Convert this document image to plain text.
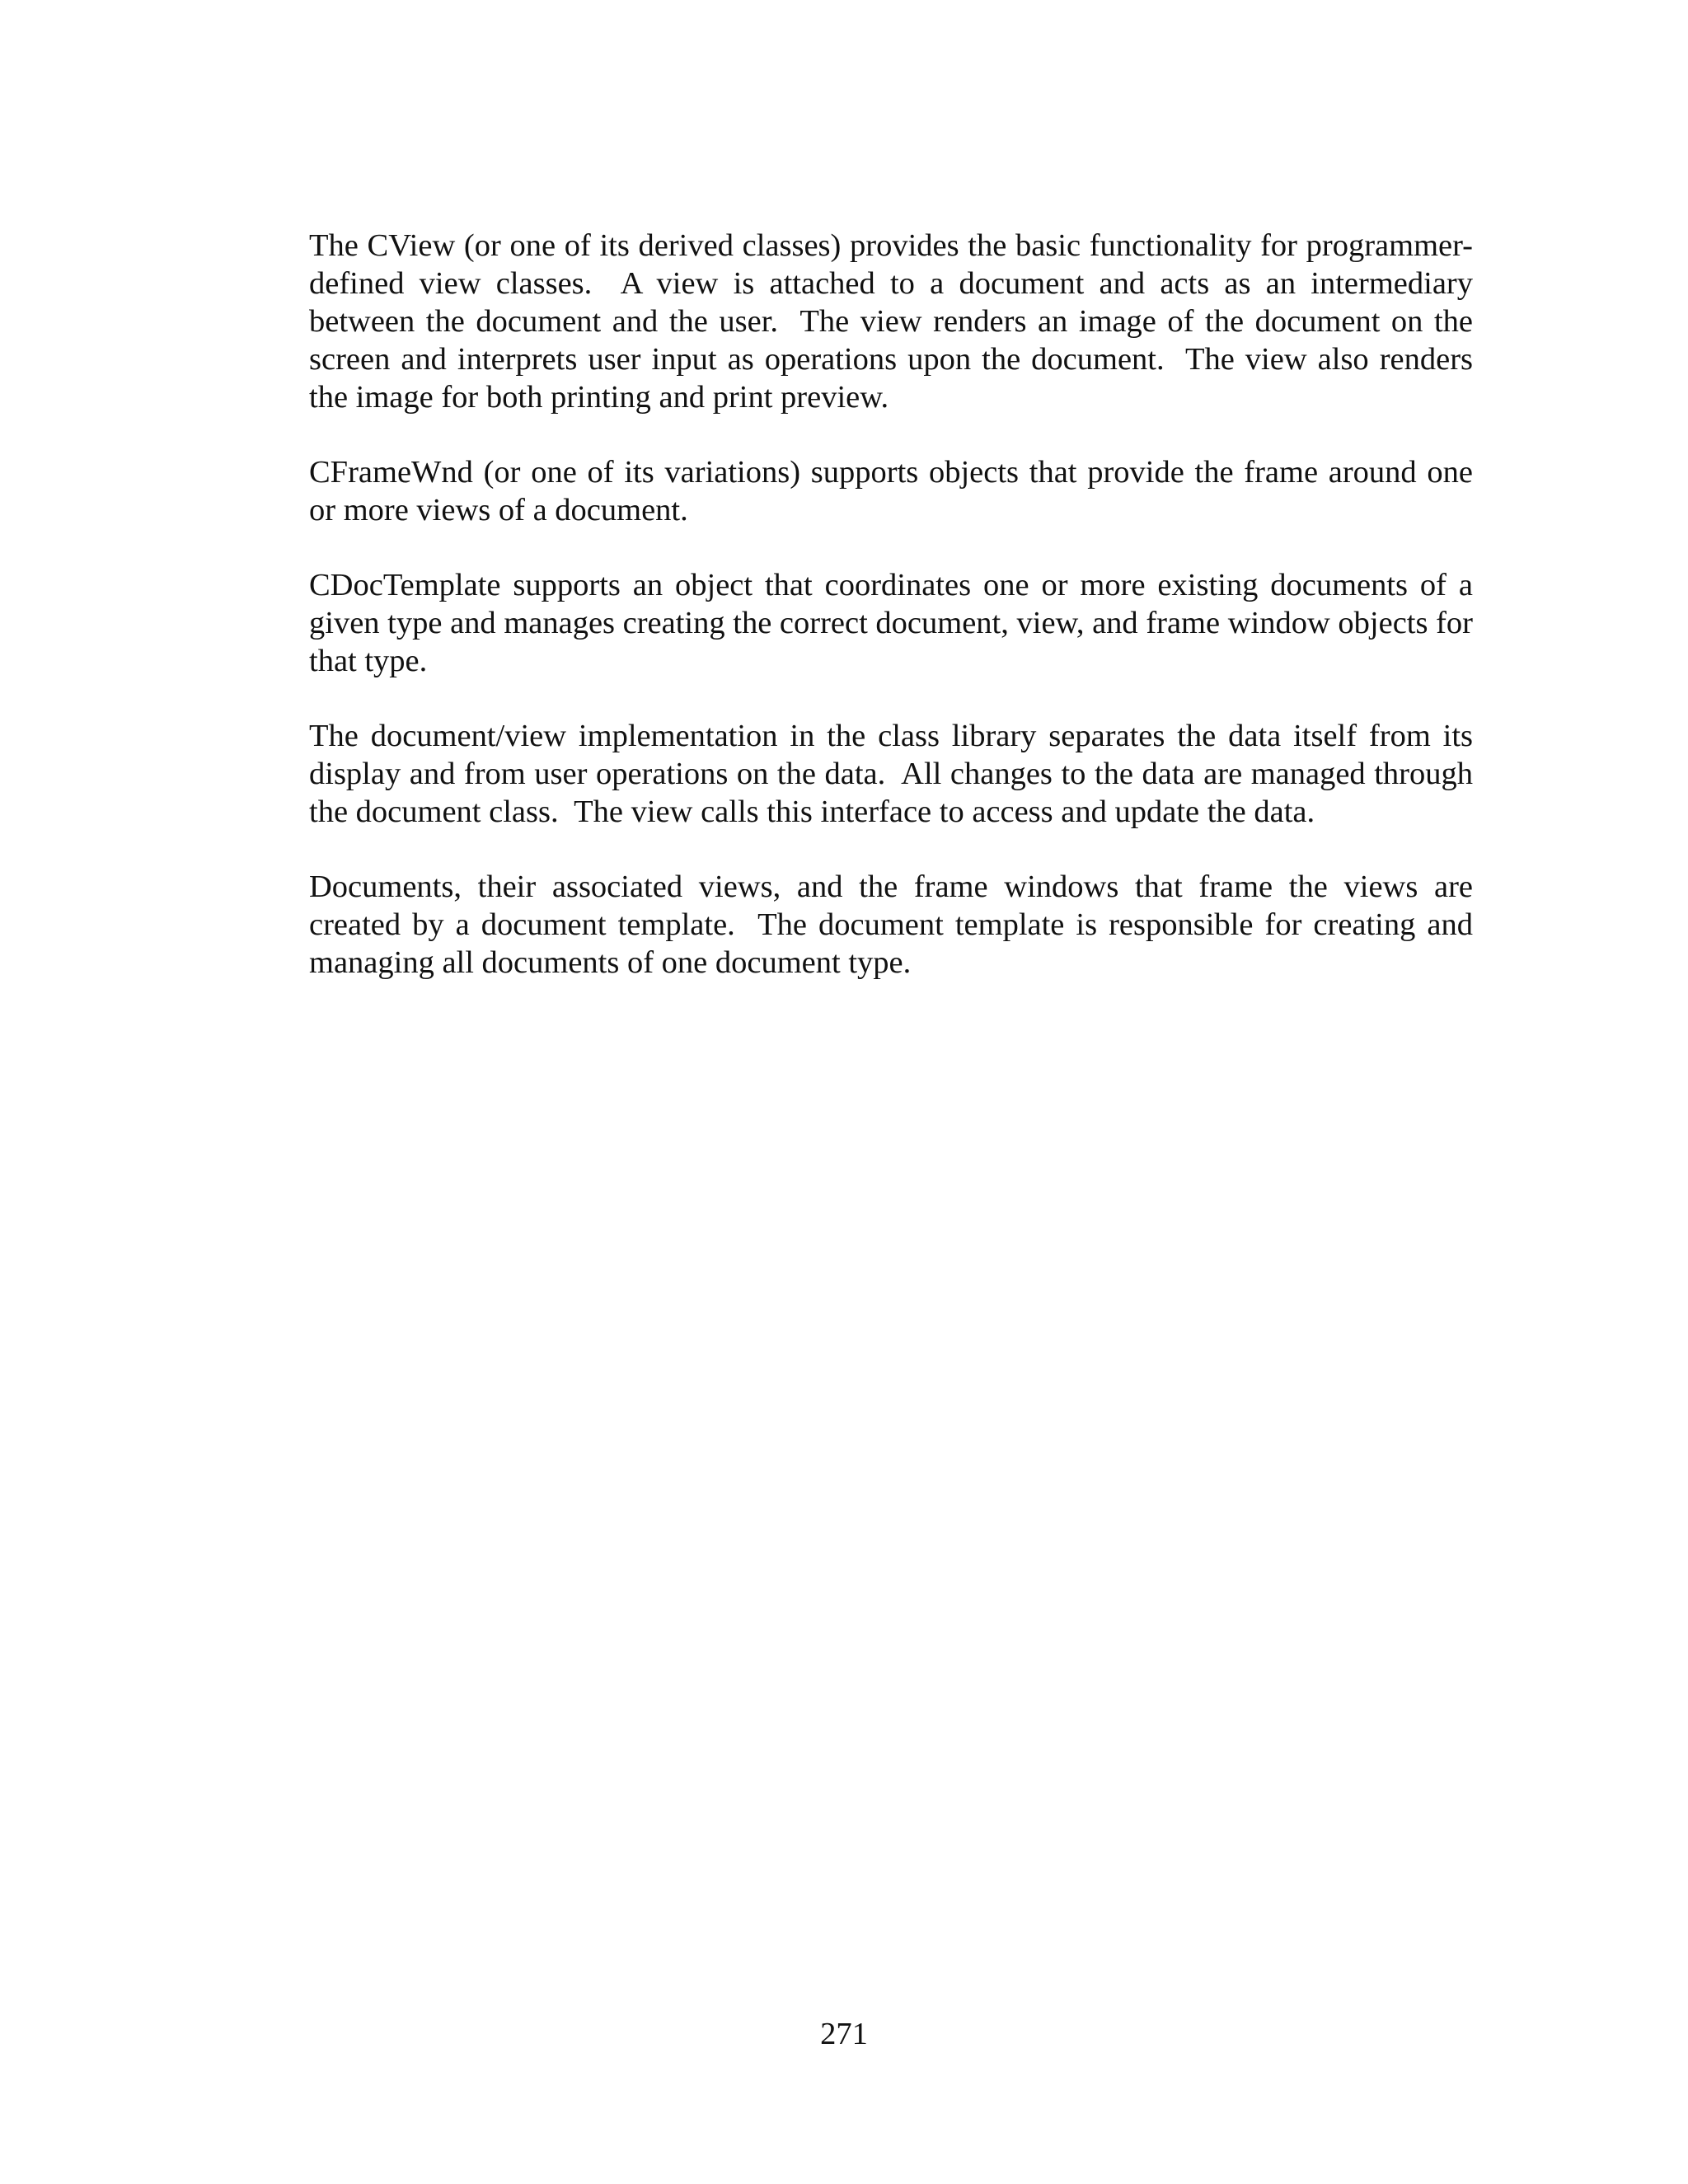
The CView (or one of its derived classes) provides the basic functionality for programmer-defined view classes.  A view is attached to a document and acts as an intermediary between the document and the user.  The view renders an image of the document on the screen and interprets user input as operations upon the document.  The view also renders the image for both printing and print preview.

CFrameWnd (or one of its variations) supports objects that provide the frame around one or more views of a document.

CDocTemplate supports an object that coordinates one or more existing documents of a given type and manages creating the correct document, view, and frame window objects for that type.

The document/view implementation in the class library separates the data itself from its display and from user operations on the data.  All changes to the data are managed through the document class.  The view calls this interface to access and update the data.

Documents, their associated views, and the frame windows that frame the views are created by a document template.  The document template is responsible for creating and managing all documents of one document type.

271
